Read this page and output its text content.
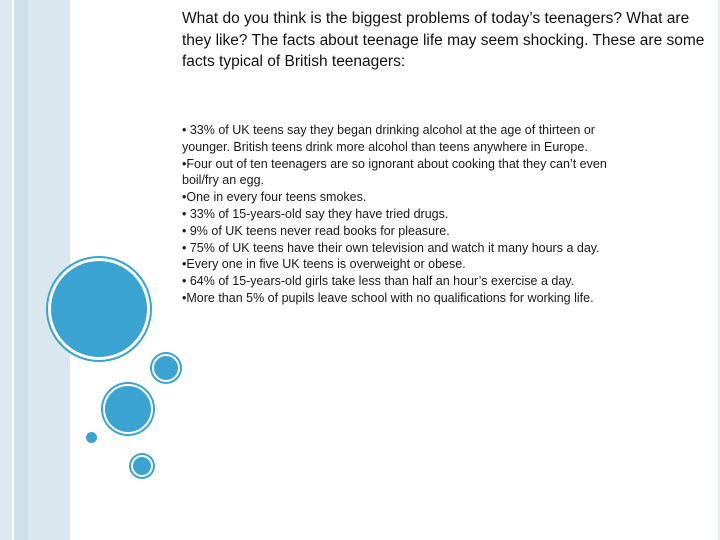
What do you think is the biggest problems of today’s teenagers? What are they like? The facts about teenage life may seem shocking. These are some facts typical of British teenagers:

• 33% of UK teens say they began drinking alcohol at the age of thirteen or younger. British teens drink more alcohol than teens anywhere in Europe.
•Four out of ten teenagers are so ignorant about cooking that they can’t even boil/fry an egg.
•One in every four teens smokes.
• 33% of 15-years-old say they have tried drugs.
• 9% of UK teens never read books for pleasure.
• 75% of UK teens have their own television and watch it many hours a day.
•Every one in five UK teens is overweight or obese.
• 64% of 15-years-old girls take less than half an hour’s exercise a day.
•More than 5% of pupils leave school with no qualifications for working life.
